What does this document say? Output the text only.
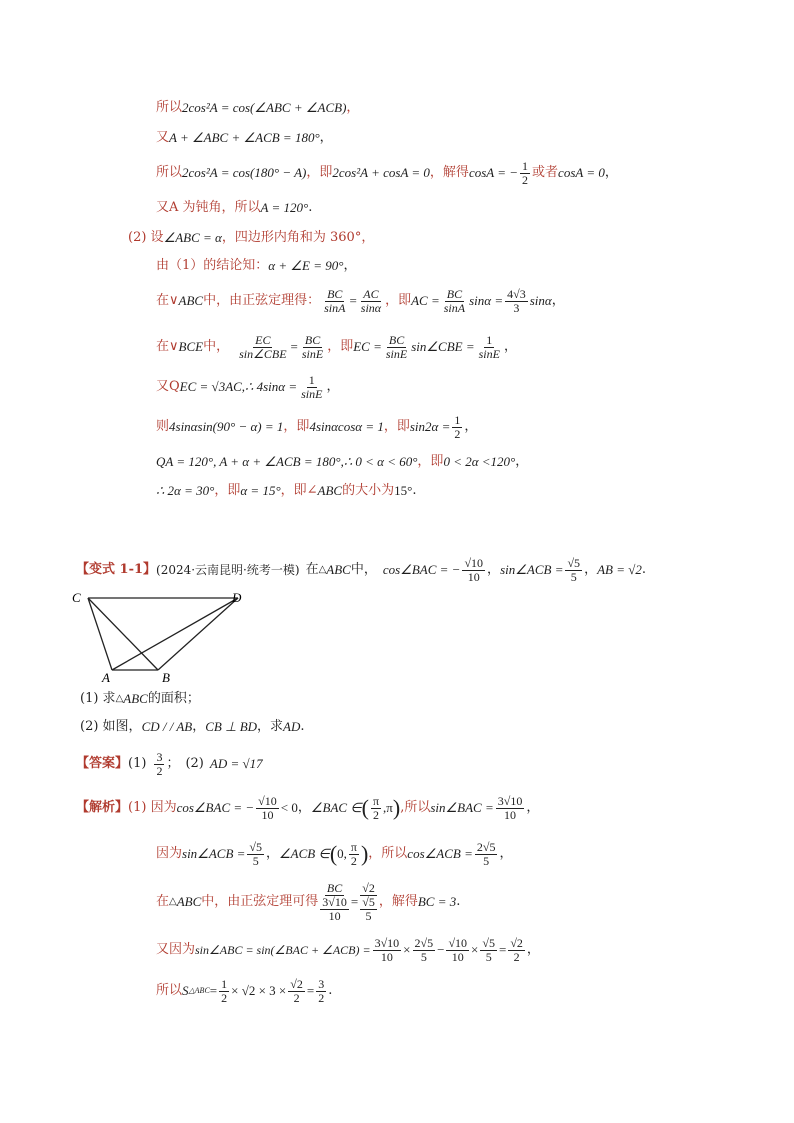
所以 2cos²A = cos(∠ABC + ∠ACB) ，
又 A + ∠ABC + ∠ACB = 180° ，
所以 2cos²A = cos(180° − A) ，即 2cos²A + cosA = 0 ，解得 cosA = − $\frac{1}{2}$ 或者 cosA = 0 ，
又A 为钝角，所以 A = 120° .
(2) 设 ∠ABC = α ，四边形内角和为 360°，
由（1）的结论知： α + ∠E = 90° ，
在∨ ABC 中，由正弦定理得： $\frac{BC}{\sin A} = \frac{AC}{\sin\alpha}$ ，即 AC = $\frac{BC}{\sin A}$ $\sin\alpha = \frac{4√3}{3}$ sinα ，
在∨ BCE 中， $\frac{EC}{\text{sin∠CBE}} = \frac{BC}{\sin E}$ ，即 EC = $\frac{BC}{\sin E}$ sin∠CBE = $\frac{1}{\sin E}$ ，
又Q EC = √3AC,∴ $4\sin\alpha = \frac{1}{\sin E}$ ，
则 4sinαsin(90° − α) = 1 ，即 4sinαcosα = 1 ，即 $\sin 2\alpha = \frac{1}{2}$ ，
QA = 120°, A + α + ∠ACB = 180°,∴ 0 < α < 60° ，即 0 < 2α <120° ，
∴ 2α = 30° ，即 α = 15° ，即∠ ABC 的大小为 15° .
【变式 1-1】 (2024·云南昆明·统考一模) 在 △ ABC 中， cos∠BAC = − $\frac{√10}{10}$ ， sin∠ACB = $\frac{√5}{5}$ ， AB = √2 .
C	D
A	B
(1) 求 △ ABC 的面积；
(2) 如图， CD / / AB ， CB ⊥ BD ，求 AD .
【答案】 $(1) \frac{3}{2}$ ； (2) AD = √17
【解析】 (1) 因为 cos∠BAC = − $\frac{√10}{10} < 0$ ， ∠BAC ∈ ( $\frac{\pi}{2} ,\pi$ ) ,所以 sin∠BAC = $\frac{3√10}{10}$ ，
因为 sin∠ACB = $\frac{√5}{5}$ ， ∠ACB ∈ ( 0, $\frac{\pi}{2}$ ) ，所以 cos∠ACB = $\frac{2√5}{5}$ ，
在 △ ABC 中，由正弦定理可得 $\frac{BC}{\frac{3√10}{10}} = \frac{√2}{\frac{√5}{5}}$ ，解得 BC = 3 .
又因为 sin∠ABC = sin(∠BAC + ∠ACB) = $\frac{3√10}{10} \times \frac{2√5}{5} - \frac{√10}{10} \times \frac{√5}{5} = \frac{√2}{2}$ ，
所以 S △ABC = $\frac{1}{2} \times √2 \times 3 \times \frac{√2}{2} = \frac{3}{2}$ .
